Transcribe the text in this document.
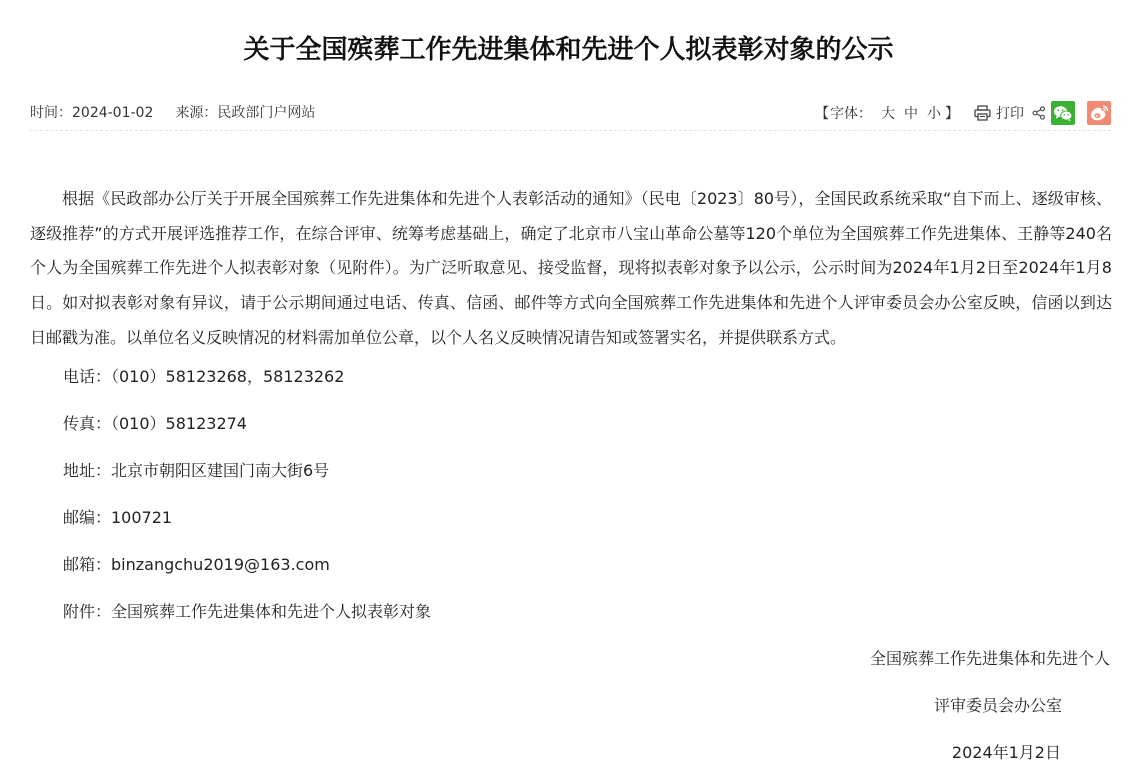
关于全国殡葬工作先进集体和先进个人拟表彰对象的公示
时间：2024-01-02 来源：民政部门户网站	【 字体： 大 中 小 】	打印

根据《民政部办公厅关于开展全国殡葬工作先进集体和先进个人表彰活动的通知》（民电〔2023〕80号），全国民政系统采取“自下而上、逐级审核、逐级推荐”的方式开展评选推荐工作，在综合评审、统筹考虑基础上，确定了北京市八宝山革命公墓等120个单位为全国殡葬工作先进集体、王静等240名个人为全国殡葬工作先进个人拟表彰对象（见附件）。为广泛听取意见、接受监督，现将拟表彰对象予以公示，公示时间为2024年1月2日至2024年1月8日。如对拟表彰对象有异议，请于公示期间通过电话、传真、信函、邮件等方式向全国殡葬工作先进集体和先进个人评审委员会办公室反映，信函以到达日邮戳为准。以单位名义反映情况的材料需加单位公章，以个人名义反映情况请告知或签署实名，并提供联系方式。

电话：（010）58123268，58123262
传真：（010）58123274
地址：北京市朝阳区建国门南大街6号
邮编：100721
邮箱：binzangchu2019@163.com
附件：全国殡葬工作先进集体和先进个人拟表彰对象
全国殡葬工作先进集体和先进个人
评审委员会办公室
2024年1月2日
